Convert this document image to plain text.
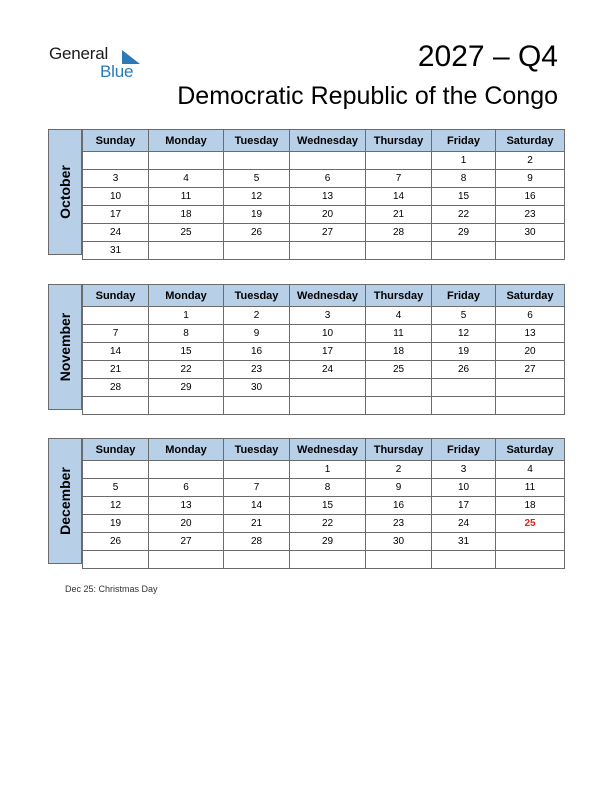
General
Blue	2027 – Q4
Democratic Republic of the Congo
October
Sunday	Monday	Tuesday	Wednesday	Thursday	Friday	Saturday
					1	2
3	4	5	6	7	8	9
10	11	12	13	14	15	16
17	18	19	20	21	22	23
24	25	26	27	28	29	30
31						
November
Sunday	Monday	Tuesday	Wednesday	Thursday	Friday	Saturday
	1	2	3	4	5	6
7	8	9	10	11	12	13
14	15	16	17	18	19	20
21	22	23	24	25	26	27
28	29	30				

December
Sunday	Monday	Tuesday	Wednesday	Thursday	Friday	Saturday
			1	2	3	4
5	6	7	8	9	10	11
12	13	14	15	16	17	18
19	20	21	22	23	24	25
26	27	28	29	30	31	

Dec 25: Christmas Day
